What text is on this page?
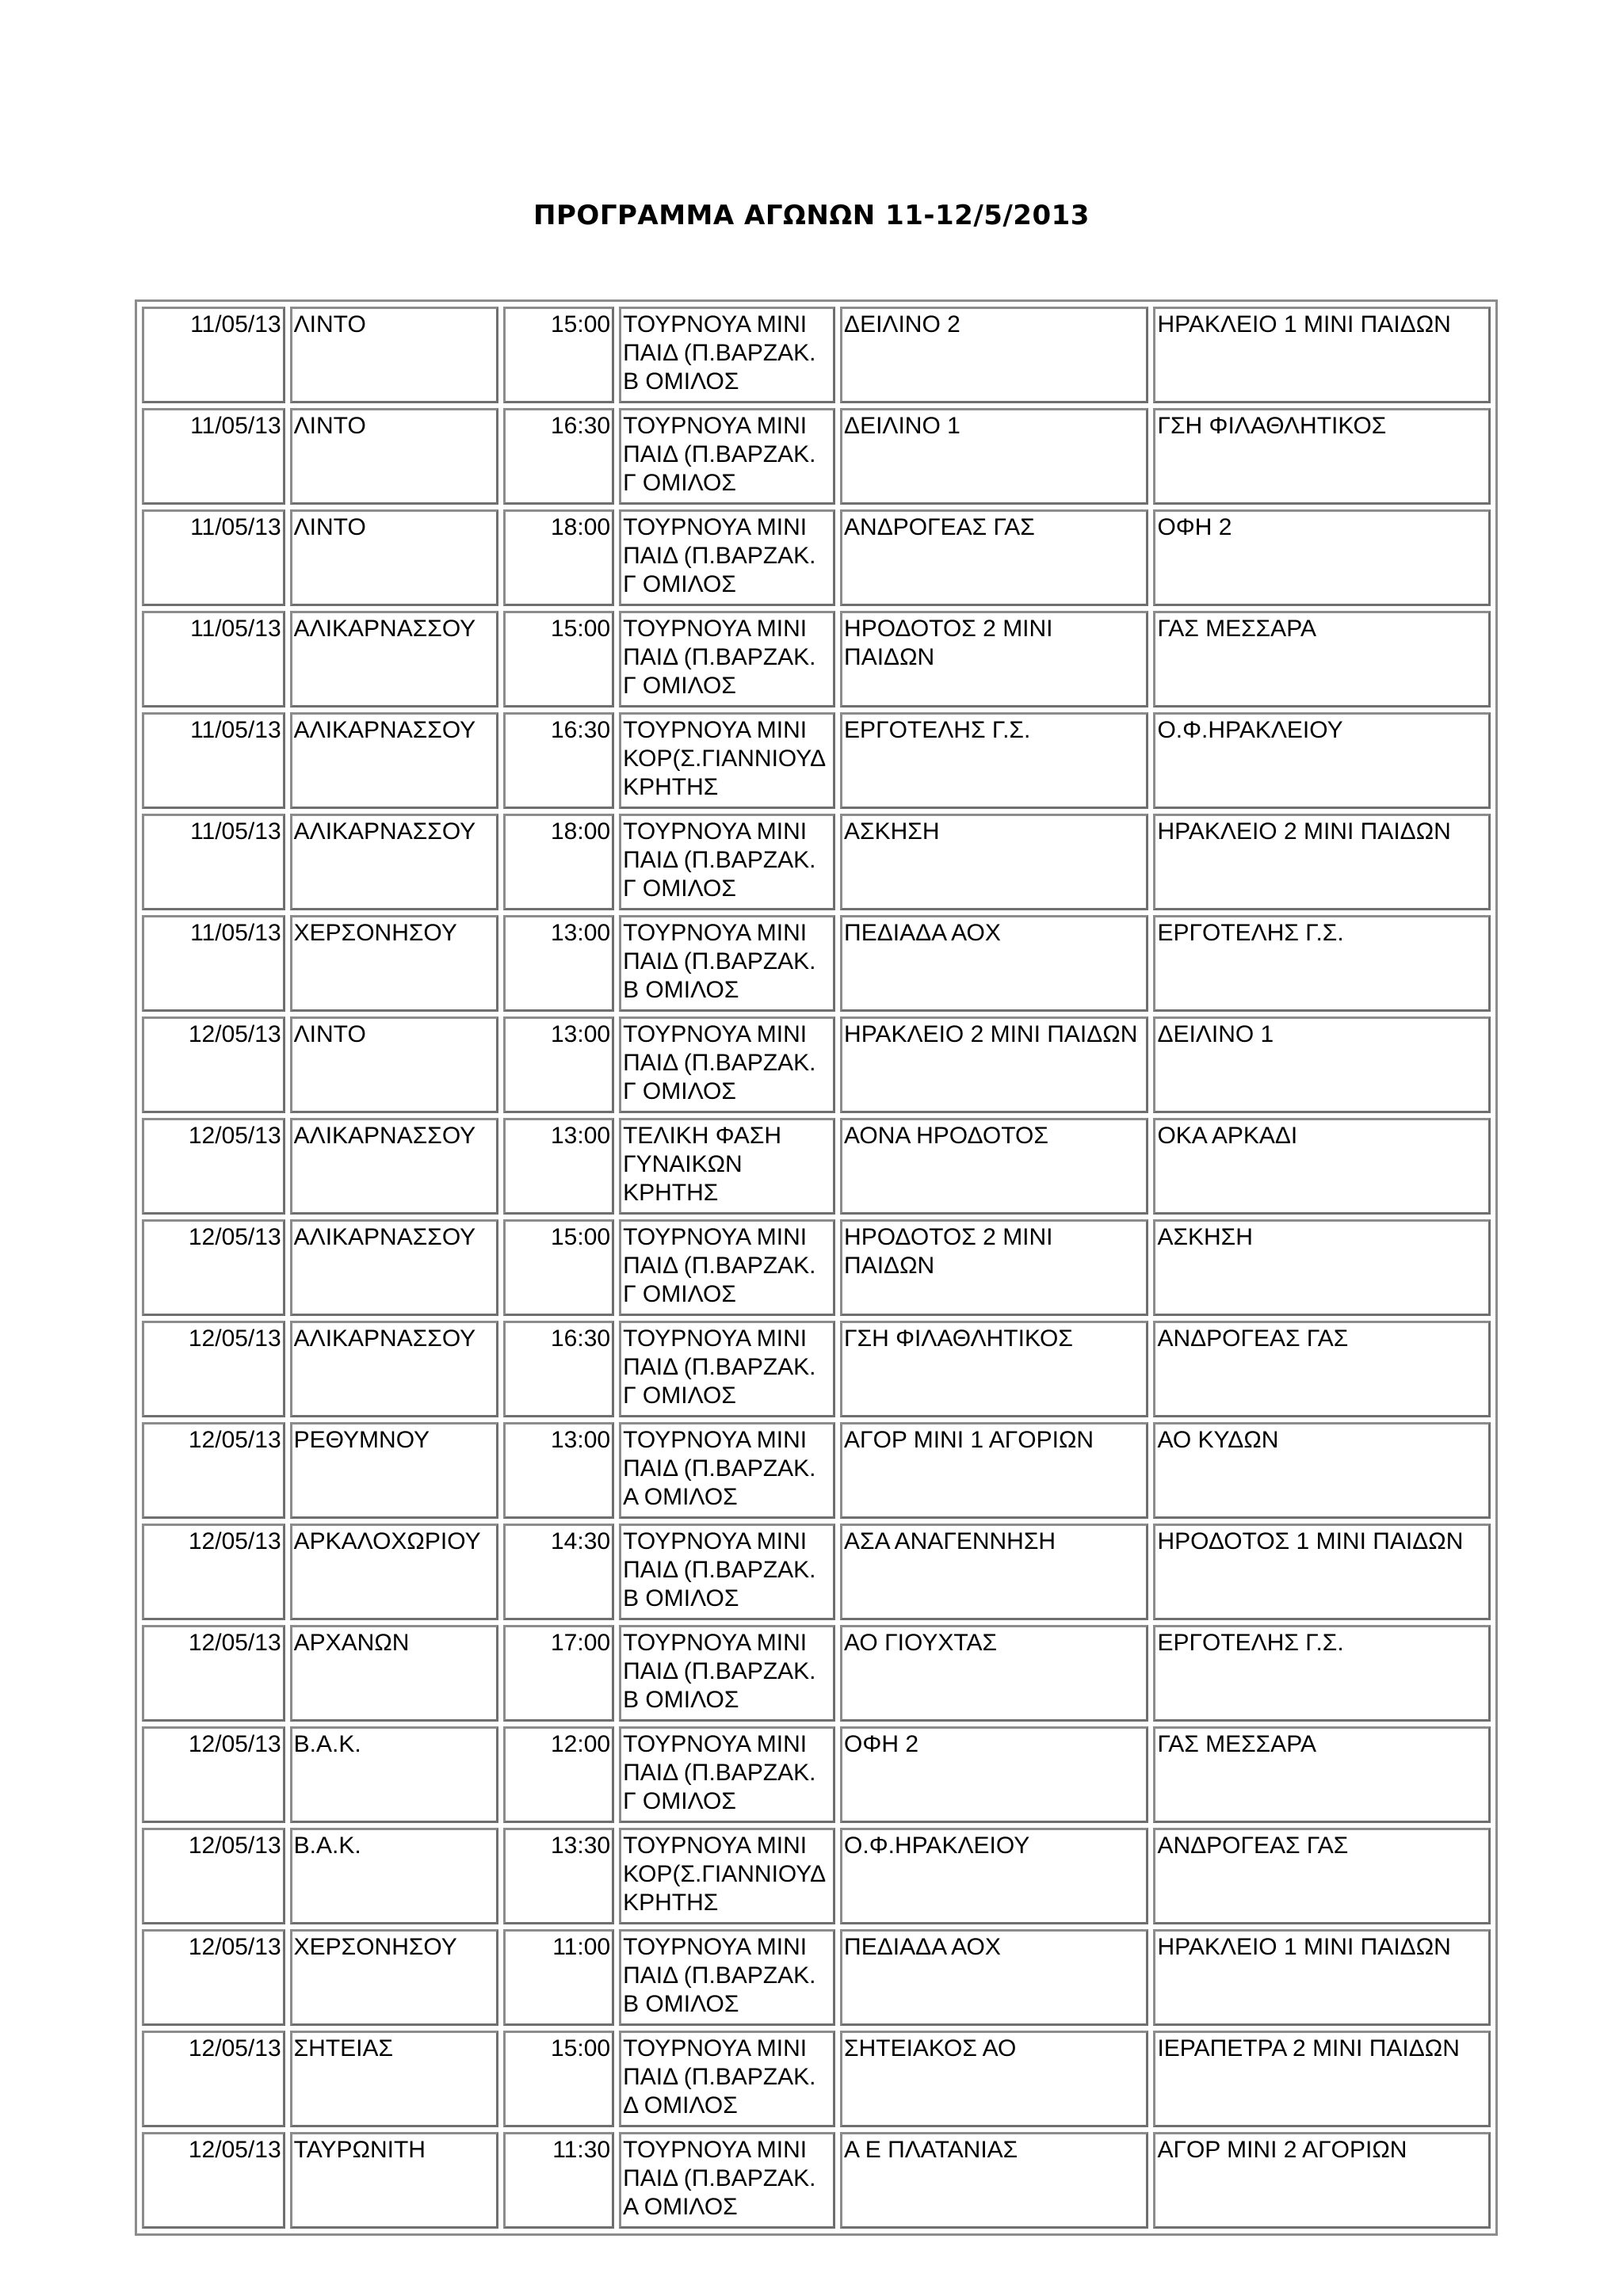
ΠΡΟΓΡΑΜΜΑ ΑΓΩΝΩΝ 11-12/5/2013
11/05/13	ΛΙΝΤΟ	15:00	ΤΟΥΡΝΟΥΑ ΜΙΝΙ ΠΑΙΔ (Π.ΒΑΡΖΑΚ. Β ΟΜΙΛΟΣ	ΔΕΙΛΙΝΟ 2	ΗΡΑΚΛΕΙΟ 1 ΜΙΝΙ ΠΑΙΔΩΝ
11/05/13	ΛΙΝΤΟ	16:30	ΤΟΥΡΝΟΥΑ ΜΙΝΙ ΠΑΙΔ (Π.ΒΑΡΖΑΚ. Γ ΟΜΙΛΟΣ	ΔΕΙΛΙΝΟ 1	ΓΣΗ ΦΙΛΑΘΛΗΤΙΚΟΣ
11/05/13	ΛΙΝΤΟ	18:00	ΤΟΥΡΝΟΥΑ ΜΙΝΙ ΠΑΙΔ (Π.ΒΑΡΖΑΚ. Γ ΟΜΙΛΟΣ	ΑΝΔΡΟΓΕΑΣ ΓΑΣ	ΟΦΗ 2
11/05/13	ΑΛΙΚΑΡΝΑΣΣΟΥ	15:00	ΤΟΥΡΝΟΥΑ ΜΙΝΙ ΠΑΙΔ (Π.ΒΑΡΖΑΚ. Γ ΟΜΙΛΟΣ	ΗΡΟΔΟΤΟΣ 2 ΜΙΝΙ ΠΑΙΔΩΝ	ΓΑΣ ΜΕΣΣΑΡΑ
11/05/13	ΑΛΙΚΑΡΝΑΣΣΟΥ	16:30	ΤΟΥΡΝΟΥΑ ΜΙΝΙ ΚΟΡ(Σ.ΓΙΑΝΝΙΟΥΔ ΚΡΗΤΗΣ	ΕΡΓΟΤΕΛΗΣ Γ.Σ.	Ο.Φ.ΗΡΑΚΛΕΙΟΥ
11/05/13	ΑΛΙΚΑΡΝΑΣΣΟΥ	18:00	ΤΟΥΡΝΟΥΑ ΜΙΝΙ ΠΑΙΔ (Π.ΒΑΡΖΑΚ. Γ ΟΜΙΛΟΣ	ΑΣΚΗΣΗ	ΗΡΑΚΛΕΙΟ 2 ΜΙΝΙ ΠΑΙΔΩΝ
11/05/13	ΧΕΡΣΟΝΗΣΟΥ	13:00	ΤΟΥΡΝΟΥΑ ΜΙΝΙ ΠΑΙΔ (Π.ΒΑΡΖΑΚ. Β ΟΜΙΛΟΣ	ΠΕΔΙΑΔΑ ΑΟΧ	ΕΡΓΟΤΕΛΗΣ Γ.Σ.
12/05/13	ΛΙΝΤΟ	13:00	ΤΟΥΡΝΟΥΑ ΜΙΝΙ ΠΑΙΔ (Π.ΒΑΡΖΑΚ. Γ ΟΜΙΛΟΣ	ΗΡΑΚΛΕΙΟ 2 ΜΙΝΙ ΠΑΙΔΩΝ	ΔΕΙΛΙΝΟ 1
12/05/13	ΑΛΙΚΑΡΝΑΣΣΟΥ	13:00	ΤΕΛΙΚΗ ΦΑΣΗ ΓΥΝΑΙΚΩΝ ΚΡΗΤΗΣ	ΑΟΝΑ ΗΡΟΔΟΤΟΣ	ΟΚΑ ΑΡΚΑΔΙ
12/05/13	ΑΛΙΚΑΡΝΑΣΣΟΥ	15:00	ΤΟΥΡΝΟΥΑ ΜΙΝΙ ΠΑΙΔ (Π.ΒΑΡΖΑΚ. Γ ΟΜΙΛΟΣ	ΗΡΟΔΟΤΟΣ 2 ΜΙΝΙ ΠΑΙΔΩΝ	ΑΣΚΗΣΗ
12/05/13	ΑΛΙΚΑΡΝΑΣΣΟΥ	16:30	ΤΟΥΡΝΟΥΑ ΜΙΝΙ ΠΑΙΔ (Π.ΒΑΡΖΑΚ. Γ ΟΜΙΛΟΣ	ΓΣΗ ΦΙΛΑΘΛΗΤΙΚΟΣ	ΑΝΔΡΟΓΕΑΣ ΓΑΣ
12/05/13	ΡΕΘΥΜΝΟΥ	13:00	ΤΟΥΡΝΟΥΑ ΜΙΝΙ ΠΑΙΔ (Π.ΒΑΡΖΑΚ. Α ΟΜΙΛΟΣ	ΑΓΟΡ ΜΙΝΙ 1 ΑΓΟΡΙΩΝ	ΑΟ ΚΥΔΩΝ
12/05/13	ΑΡΚΑΛΟΧΩΡΙΟΥ	14:30	ΤΟΥΡΝΟΥΑ ΜΙΝΙ ΠΑΙΔ (Π.ΒΑΡΖΑΚ. Β ΟΜΙΛΟΣ	ΑΣΑ ΑΝΑΓΕΝΝΗΣΗ	ΗΡΟΔΟΤΟΣ 1 ΜΙΝΙ ΠΑΙΔΩΝ
12/05/13	ΑΡΧΑΝΩΝ	17:00	ΤΟΥΡΝΟΥΑ ΜΙΝΙ ΠΑΙΔ (Π.ΒΑΡΖΑΚ. Β ΟΜΙΛΟΣ	ΑΟ ΓΙΟΥΧΤΑΣ	ΕΡΓΟΤΕΛΗΣ Γ.Σ.
12/05/13	Β.Α.Κ.	12:00	ΤΟΥΡΝΟΥΑ ΜΙΝΙ ΠΑΙΔ (Π.ΒΑΡΖΑΚ. Γ ΟΜΙΛΟΣ	ΟΦΗ 2	ΓΑΣ ΜΕΣΣΑΡΑ
12/05/13	Β.Α.Κ.	13:30	ΤΟΥΡΝΟΥΑ ΜΙΝΙ ΚΟΡ(Σ.ΓΙΑΝΝΙΟΥΔ ΚΡΗΤΗΣ	Ο.Φ.ΗΡΑΚΛΕΙΟΥ	ΑΝΔΡΟΓΕΑΣ ΓΑΣ
12/05/13	ΧΕΡΣΟΝΗΣΟΥ	11:00	ΤΟΥΡΝΟΥΑ ΜΙΝΙ ΠΑΙΔ (Π.ΒΑΡΖΑΚ. Β ΟΜΙΛΟΣ	ΠΕΔΙΑΔΑ ΑΟΧ	ΗΡΑΚΛΕΙΟ 1 ΜΙΝΙ ΠΑΙΔΩΝ
12/05/13	ΣΗΤΕΙΑΣ	15:00	ΤΟΥΡΝΟΥΑ ΜΙΝΙ ΠΑΙΔ (Π.ΒΑΡΖΑΚ. Δ ΟΜΙΛΟΣ	ΣΗΤΕΙΑΚΟΣ ΑΟ	ΙΕΡΑΠΕΤΡΑ 2 ΜΙΝΙ ΠΑΙΔΩΝ
12/05/13	ΤΑΥΡΩΝΙΤΗ	11:30	ΤΟΥΡΝΟΥΑ ΜΙΝΙ ΠΑΙΔ (Π.ΒΑΡΖΑΚ. Α ΟΜΙΛΟΣ	Α Ε ΠΛΑΤΑΝΙΑΣ	ΑΓΟΡ ΜΙΝΙ 2 ΑΓΟΡΙΩΝ
